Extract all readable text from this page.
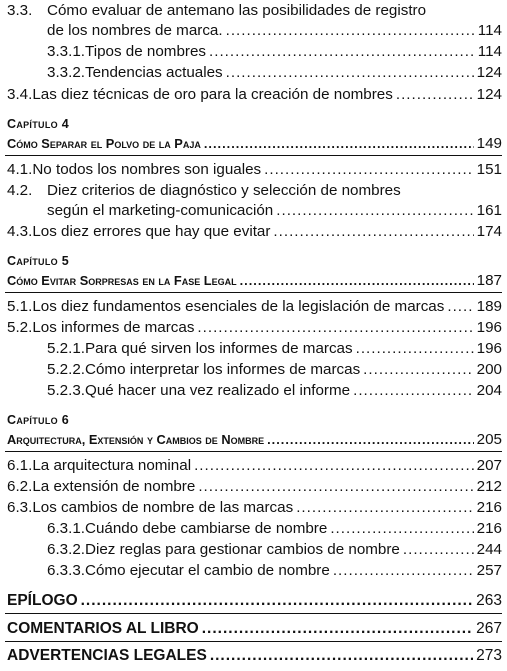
3.3. Cómo evaluar de antemano las posibilidades de registro
de los nombres de marca. .....	114
3.3.1. Tipos de nombres .....	114
3.3.2. Tendencias actuales .....	124
3.4. Las diez técnicas de oro para la creación de nombres .....	124
Capítulo 4
Cómo Separar el Polvo de la Paja .....	149
4.1. No todos los nombres son iguales .....	151
4.2. Diez criterios de diagnóstico y selección de nombres
según el marketing-comunicación .....	161
4.3. Los diez errores que hay que evitar .....	174
Capítulo 5
Cómo Evitar Sorpresas en la Fase Legal .....	187
5.1. Los diez fundamentos esenciales de la legislación de marcas ..... 189
5.2. Los informes de marcas .....	196
5.2.1. Para qué sirven los informes de marcas .....	196
5.2.2. Cómo interpretar los informes de marcas .....	200
5.2.3. Qué hacer una vez realizado el informe .....	204
Capítulo 6
Arquitectura, Extensión y Cambios de Nombre .....	205
6.1. La arquitectura nominal .....	207
6.2. La extensión de nombre .....	212
6.3. Los cambios de nombre de las marcas .....	216
6.3.1. Cuándo debe cambiarse de nombre .....	216
6.3.2. Diez reglas para gestionar cambios de nombre .....	244
6.3.3. Cómo ejecutar el cambio de nombre .....	257
EPÍLOGO .....	263
COMENTARIOS AL LIBRO .....	267
ADVERTENCIAS LEGALES .....	273
